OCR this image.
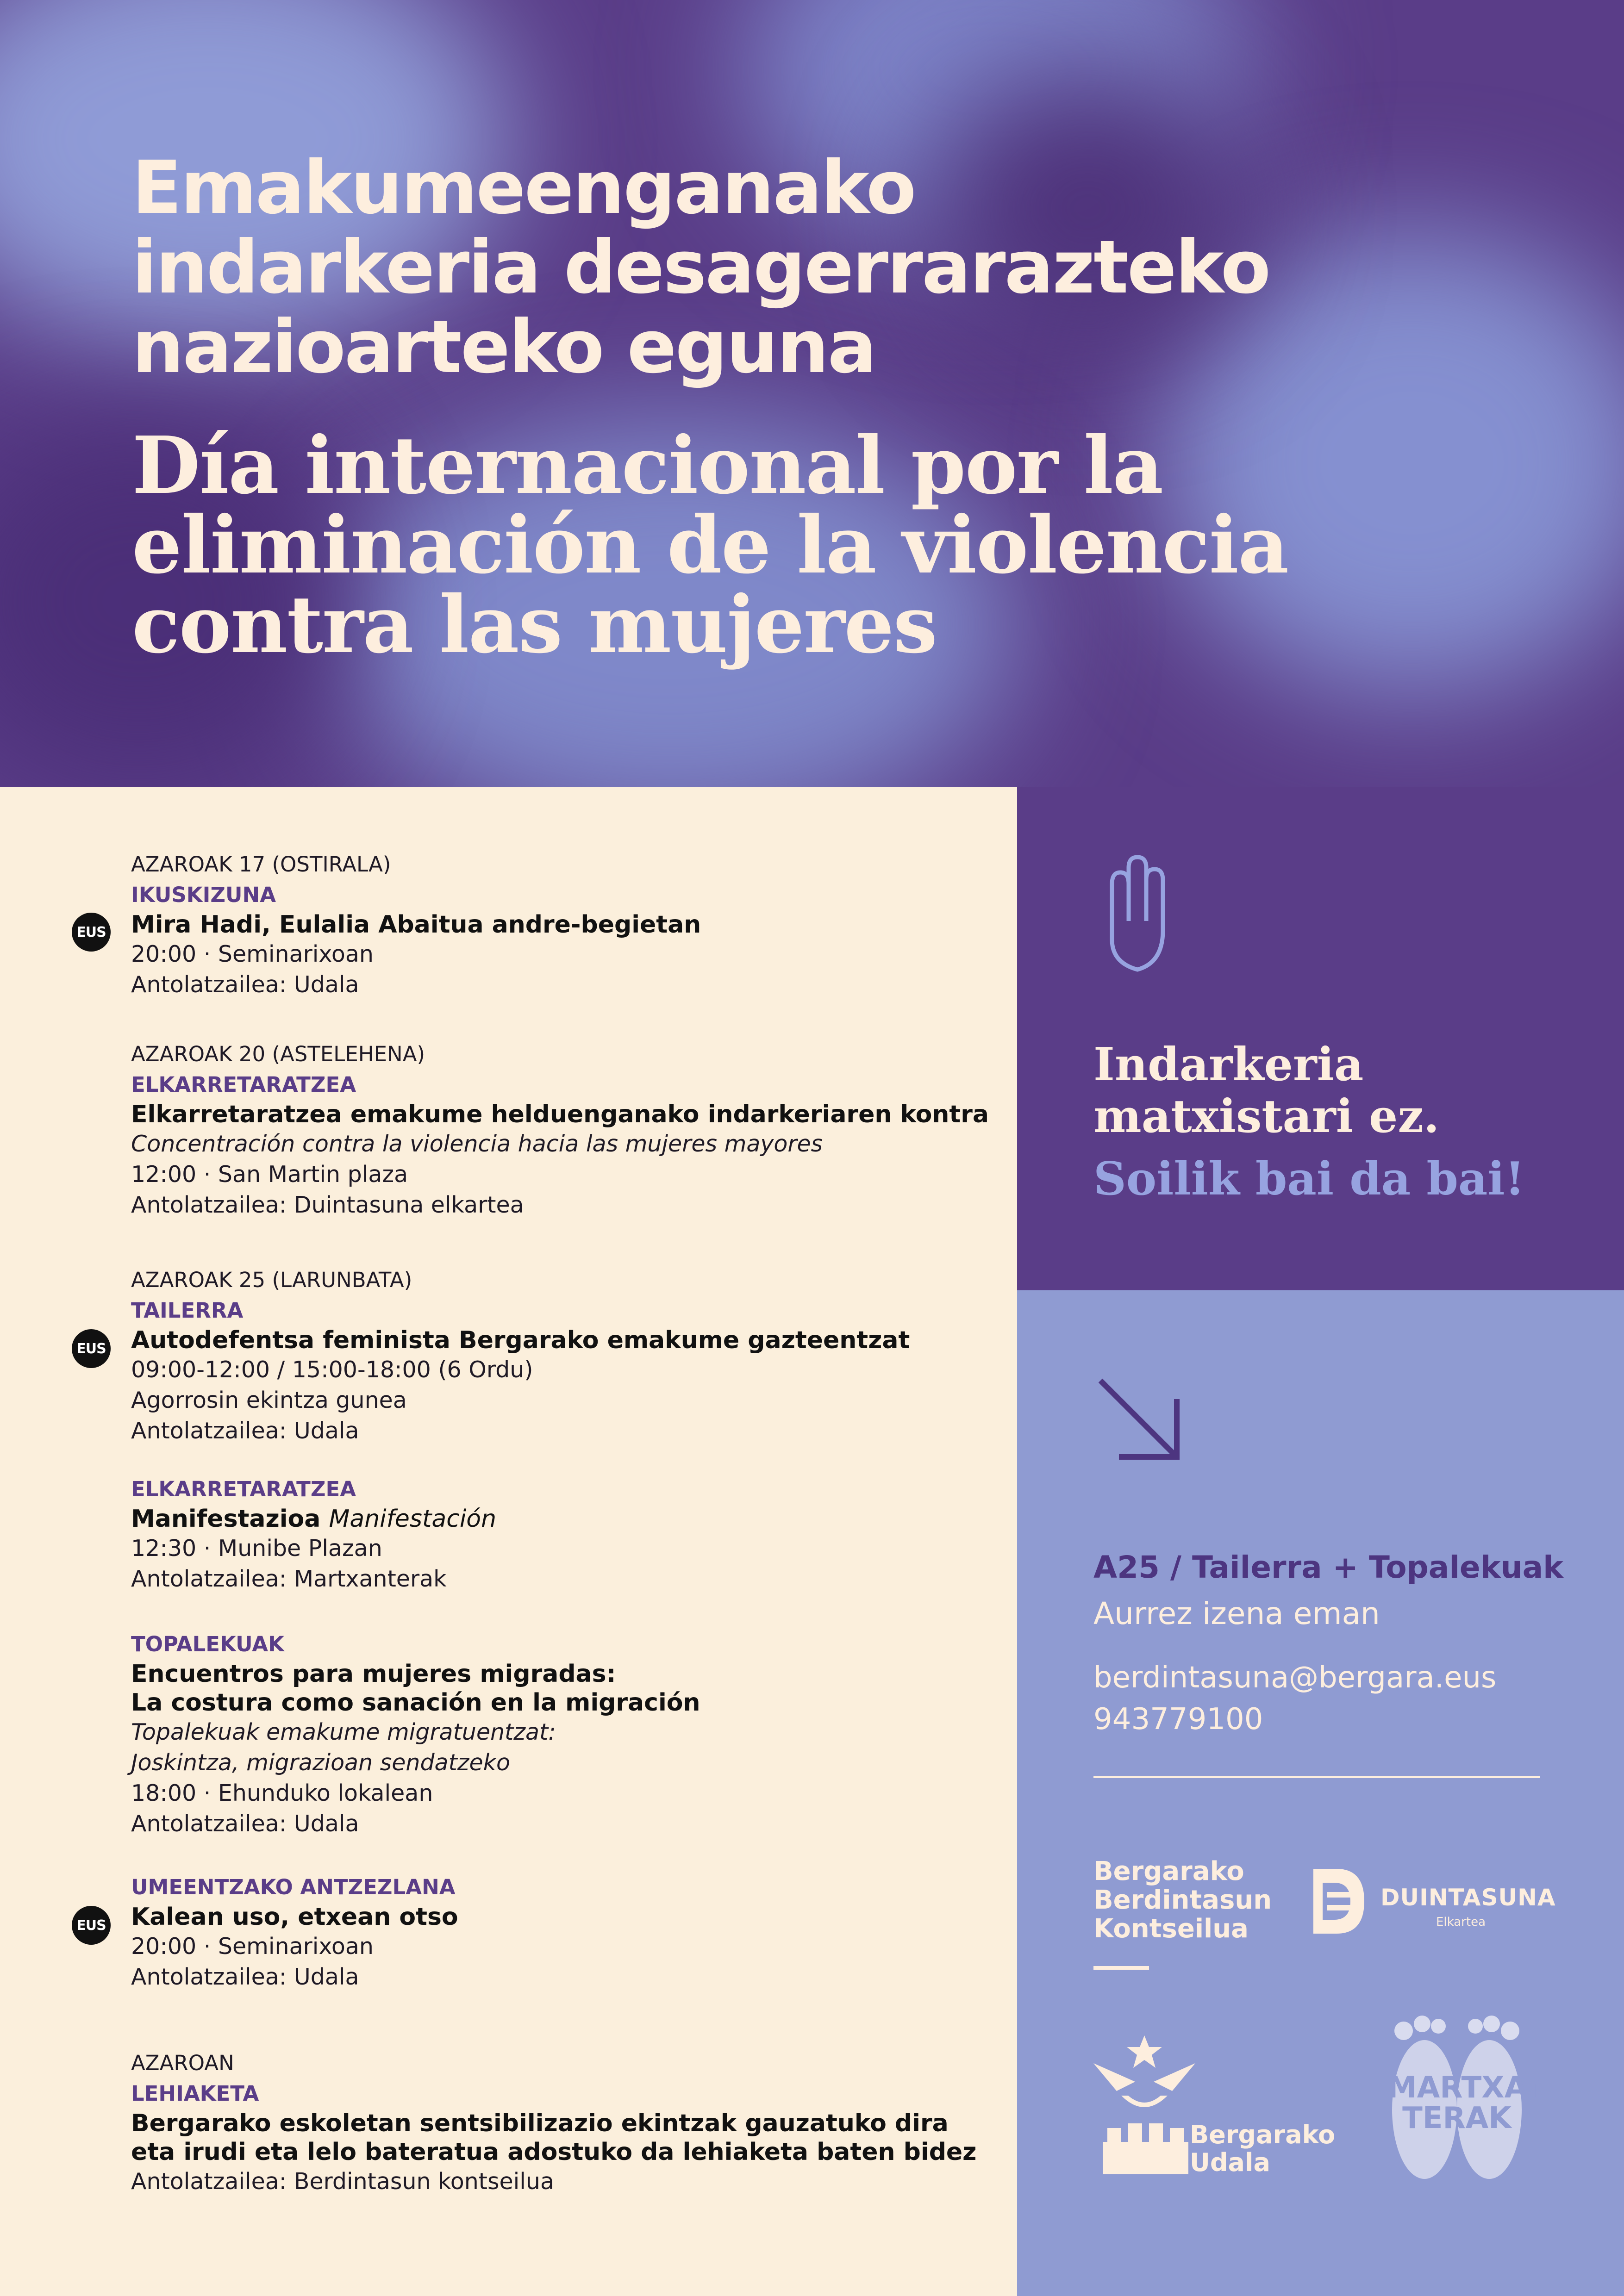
Emakumeenganako
indarkeria desagerrarazteko
nazioarteko eguna
Día internacional por la
eliminación de la violencia
contra las mujeres
EUS
AZAROAK 17 (OSTIRALA)
IKUSKIZUNA
Mira Hadi, Eulalia Abaitua andre-begietan
20:00 · Seminarixoan
Antolatzailea: Udala
AZAROAK 20 (ASTELEHENA)
ELKARRETARATZEA
Elkarretaratzea emakume helduenganako indarkeriaren kontra
Concentración contra la violencia hacia las mujeres mayores
12:00 · San Martin plaza
Antolatzailea: Duintasuna elkartea
EUS
AZAROAK 25 (LARUNBATA)
TAILERRA
Autodefentsa feminista Bergarako emakume gazteentzat
09:00-12:00 / 15:00-18:00 (6 Ordu)
Agorrosin ekintza gunea
Antolatzailea: Udala
ELKARRETARATZEA
Manifestazioa Manifestación
12:30 · Munibe Plazan
Antolatzailea: Martxanterak
TOPALEKUAK
Encuentros para mujeres migradas:
La costura como sanación en la migración
Topalekuak emakume migratuentzat:
Joskintza, migrazioan sendatzeko
18:00 · Ehunduko lokalean
Antolatzailea: Udala
EUS
UMEENTZAKO ANTZEZLANA
Kalean uso, etxean otso
20:00 · Seminarixoan
Antolatzailea: Udala
AZAROAN
LEHIAKETA
Bergarako eskoletan sentsibilizazio ekintzak gauzatuko dira
eta irudi eta lelo bateratua adostuko da lehiaketa baten bidez
Antolatzailea: Berdintasun kontseilua
Indarkeria
matxistari ez.
Soilik bai da bai!
A25 / Tailerra + Topalekuak
Aurrez izena eman
berdintasuna@bergara.eus
943779100
Bergarako
Berdintasun
Kontseilua
DUINTASUNA
Elkartea
Bergarako
Udala
MARTXAN
TERAK
